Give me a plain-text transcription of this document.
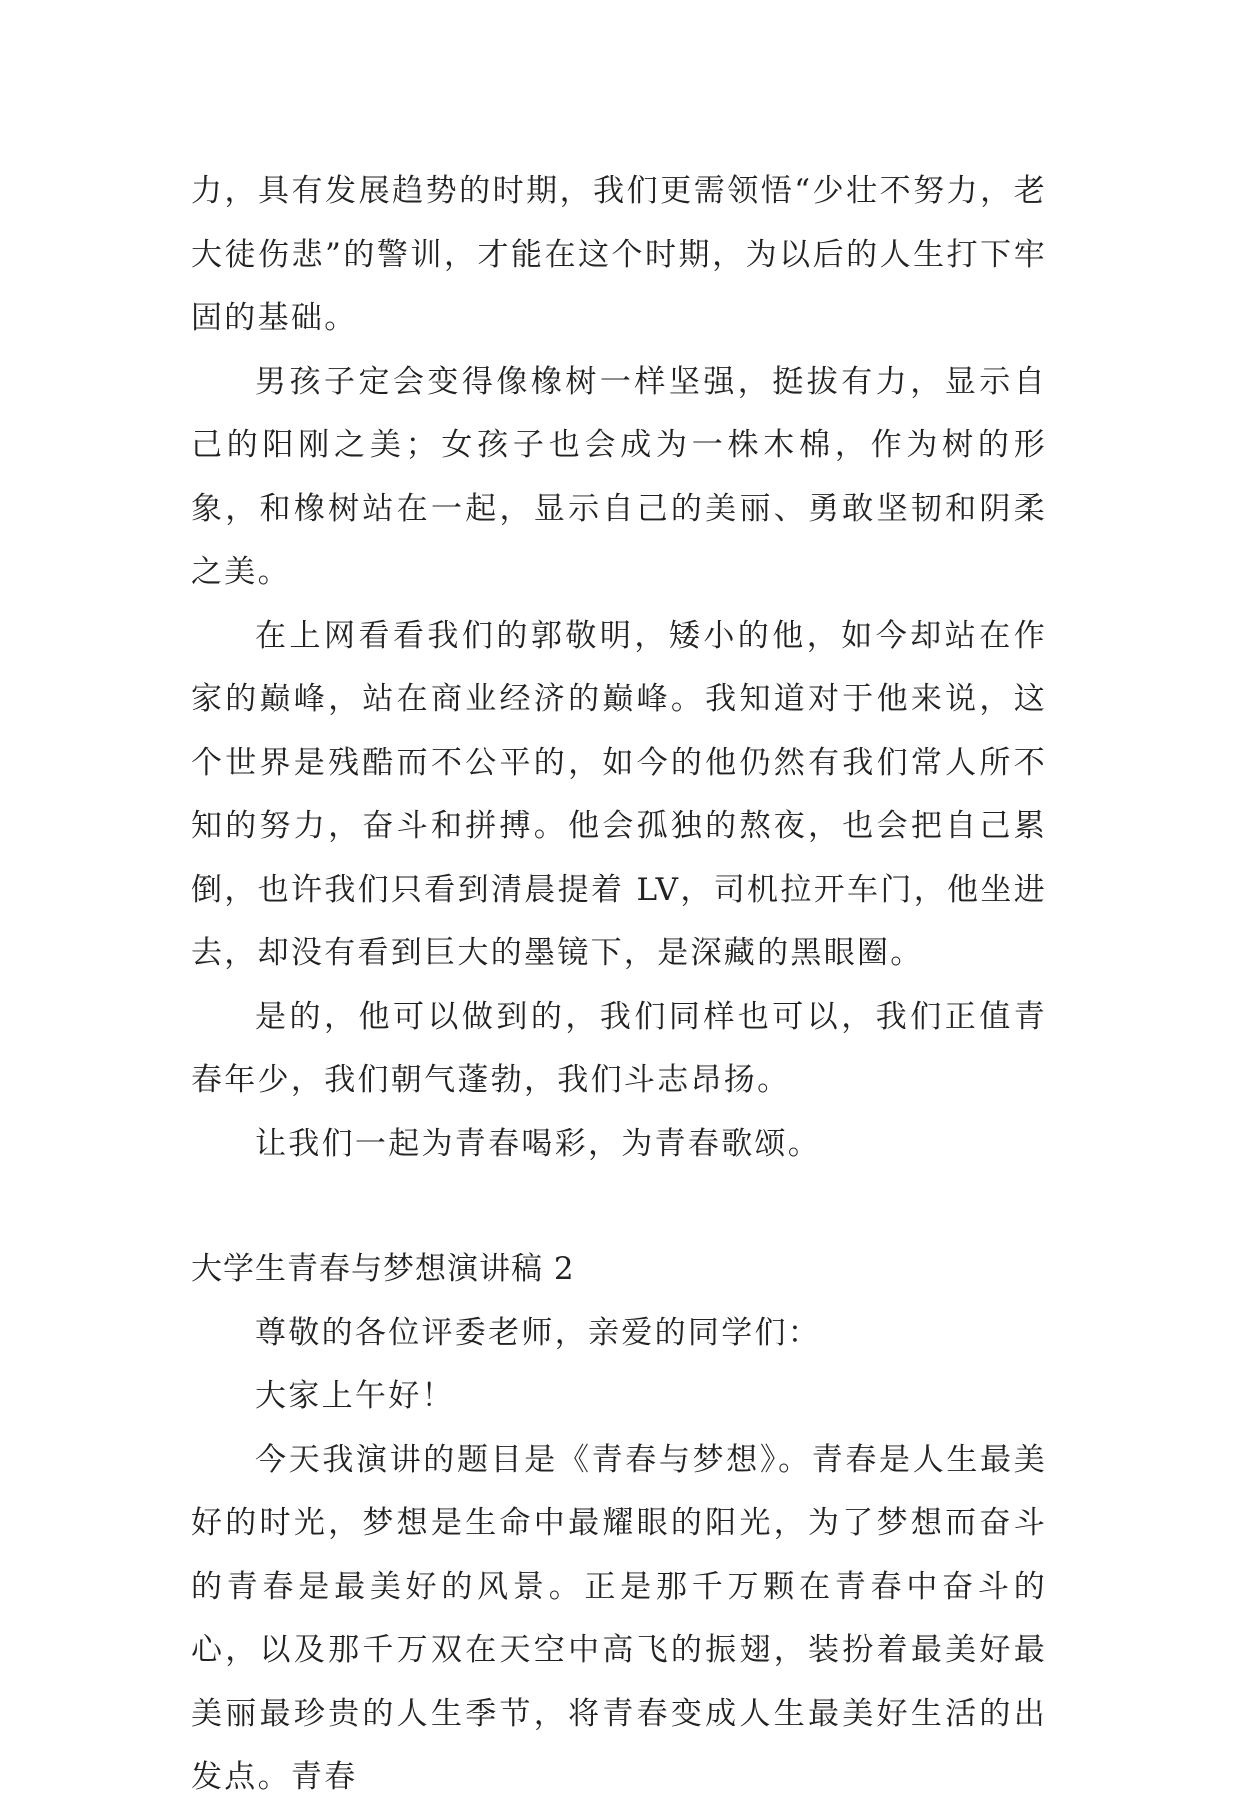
力，具有发展趋势的时期，我们更需领悟“少壮不努力，老大徒伤悲”的警训，才能在这个时期，为以后的人生打下牢固的基础。

男孩子定会变得像橡树一样坚强，挺拔有力，显示自己的阳刚之美；女孩子也会成为一株木棉，作为树的形象，和橡树站在一起，显示自己的美丽、勇敢坚韧和阴柔之美。

在上网看看我们的郭敬明，矮小的他，如今却站在作家的巅峰，站在商业经济的巅峰。我知道对于他来说，这个世界是残酷而不公平的，如今的他仍然有我们常人所不知的努力，奋斗和拼搏。他会孤独的熬夜，也会把自己累倒，也许我们只看到清晨提着 LV，司机拉开车门，他坐进去，却没有看到巨大的墨镜下，是深藏的黑眼圈。

是的，他可以做到的，我们同样也可以，我们正值青春年少，我们朝气蓬勃，我们斗志昂扬。

让我们一起为青春喝彩，为青春歌颂。

大学生青春与梦想演讲稿 2

尊敬的各位评委老师，亲爱的同学们：

大家上午好！

今天我演讲的题目是《青春与梦想》。青春是人生最美好的时光，梦想是生命中最耀眼的阳光，为了梦想而奋斗的青春是最美好的风景。正是那千万颗在青春中奋斗的心，以及那千万双在天空中高飞的振翅，装扮着最美好最美丽最珍贵的人生季节，将青春变成人生最美好生活的出发点。青春
